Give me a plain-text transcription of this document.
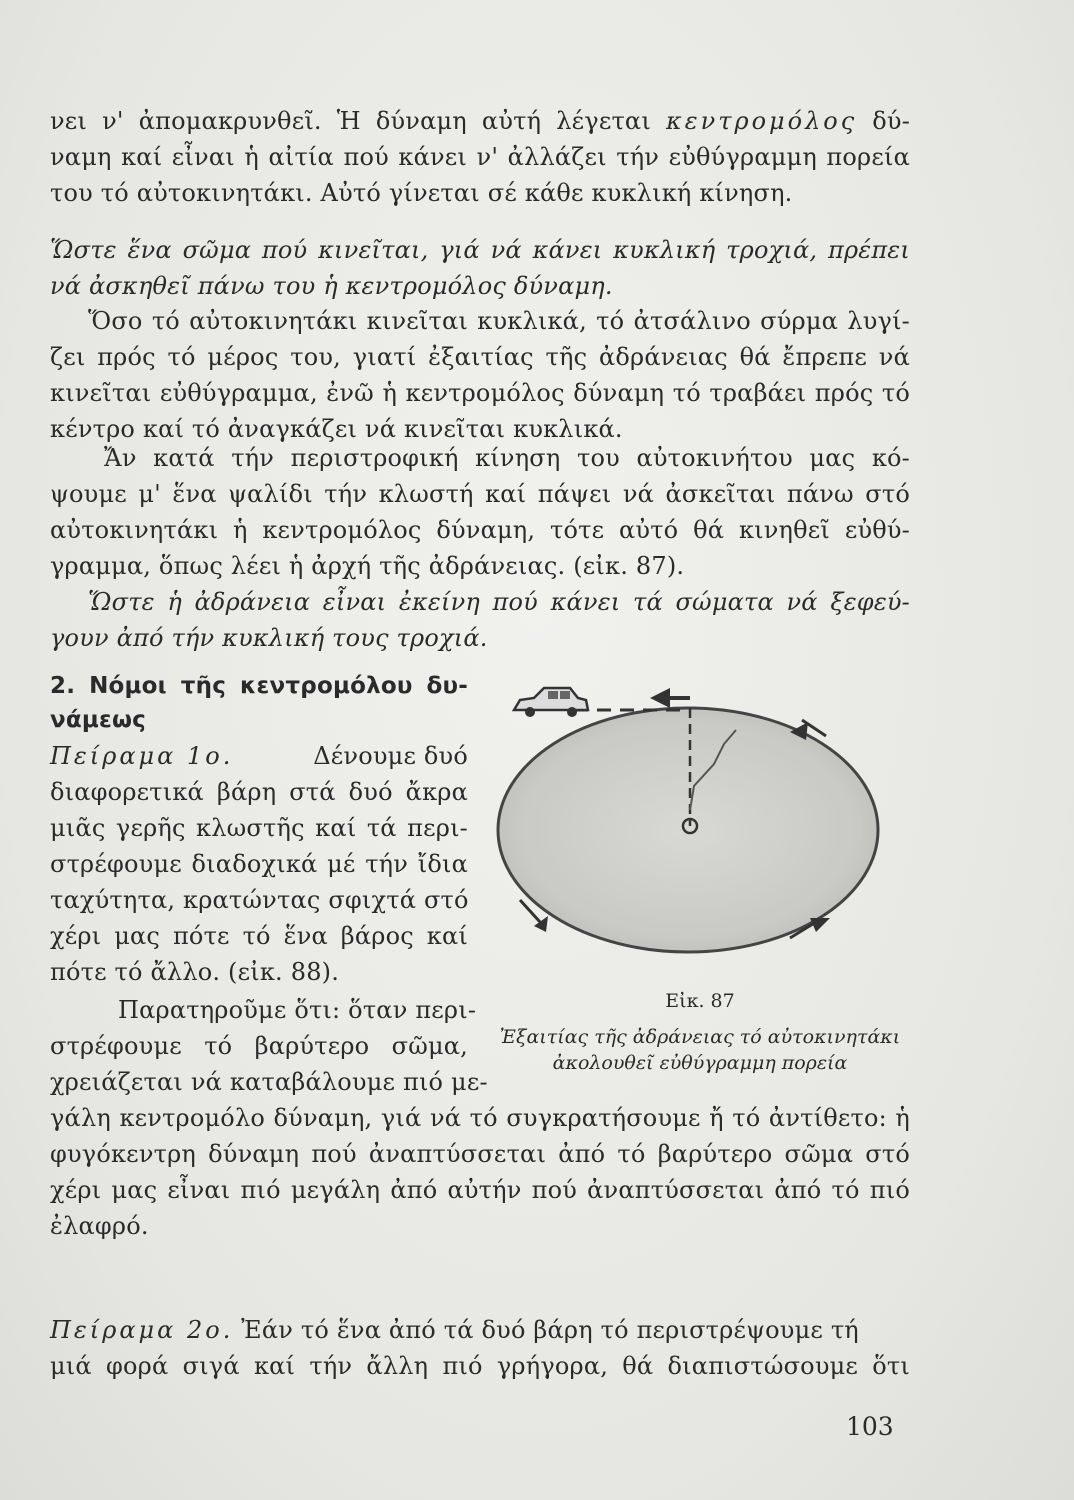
νει ν' ἀπομακρυνθεῖ. Ἡ δύναμη αὐτή λέγεται κεντρομόλος δύ-
ναμη καί εἶναι ἡ αἰτία πού κάνει ν' ἀλλάζει τήν εὐθύγραμμη πορεία
του τό αὐτοκινητάκι. Αὐτό γίνεται σέ κάθε κυκλική κίνηση.
Ὥστε ἕνα σῶμα πού κινεῖται, γιά νά κάνει κυκλική τροχιά, πρέπει
νά ἀσκηθεῖ πάνω του ἡ κεντρομόλος δύναμη.
Ὅσο τό αὐτοκινητάκι κινεῖται κυκλικά, τό ἀτσάλινο σύρμα λυγί-
ζει πρός τό μέρος του, γιατί ἐξαιτίας τῆς ἀδράνειας θά ἔπρεπε νά
κινεῖται εὐθύγραμμα, ἐνῶ ἡ κεντρομόλος δύναμη τό τραβάει πρός τό
κέντρο καί τό ἀναγκάζει νά κινεῖται κυκλικά.
Ἄν κατά τήν περιστροφική κίνηση του αὐτοκινήτου μας κό-
ψουμε μ' ἕνα ψαλίδι τήν κλωστή καί πάψει νά ἀσκεῖται πάνω στό
αὐτοκινητάκι ἡ κεντρομόλος δύναμη, τότε αὐτό θά κινηθεῖ εὐθύ-
γραμμα, ὅπως λέει ἡ ἀρχή τῆς ἀδράνειας. (εἰκ. 87).
Ὥστε ἡ ἀδράνεια εἶναι ἐκείνη πού κάνει τά σώματα νά ξεφεύ-
γουν ἀπό τήν κυκλική τους τροχιά.
2. Νόμοι τῆς κεντρομόλου δυ-
νάμεως
Πείραμα 1ο.	Δένουμε δυό
διαφορετικά βάρη στά δυό ἄκρα
μιᾶς γερῆς κλωστῆς καί τά περι-
στρέφουμε διαδοχικά μέ τήν ἴδια
ταχύτητα, κρατώντας σφιχτά στό
χέρι μας πότε τό ἕνα βάρος καί
πότε τό ἄλλο. (εἰκ. 88).
Παρατηροῦμε ὅτι: ὅταν περι-
στρέφουμε τό βαρύτερο σῶμα,
χρειάζεται νά καταβάλουμε πιό με-
γάλη κεντρομόλο δύναμη, γιά νά τό συγκρατήσουμε ἤ τό ἀντίθετο: ἡ
φυγόκεντρη δύναμη πού ἀναπτύσσεται ἀπό τό βαρύτερο σῶμα στό
χέρι μας εἶναι πιό μεγάλη ἀπό αὐτήν πού ἀναπτύσσεται ἀπό τό πιό
ἐλαφρό.
Πείραμα 2ο. Ἐάν τό ἕνα ἀπό τά δυό βάρη τό περιστρέψουμε τή
μιά φορά σιγά καί τήν ἄλλη πιό γρήγορα, θά διαπιστώσουμε ὅτι
Εἰκ. 87
Ἐξαιτίας τῆς ἀδράνειας τό αὐτοκινητάκι
ἀκολουθεῖ εὐθύγραμμη πορεία
103
